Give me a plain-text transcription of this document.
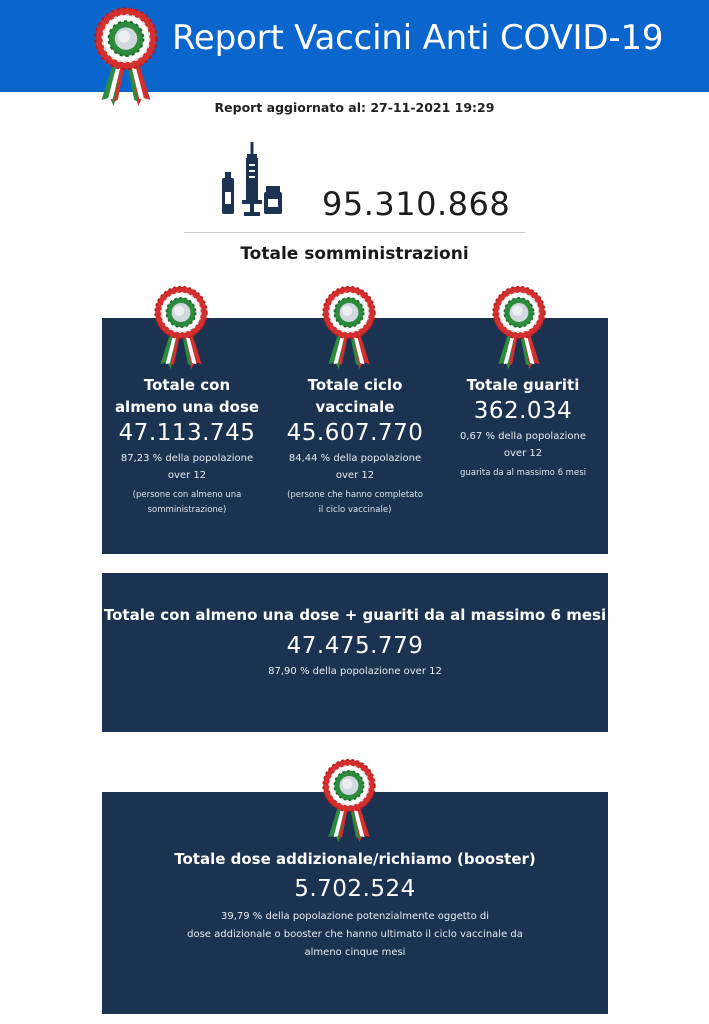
Report Vaccini Anti COVID-19
Report aggiornato al: 27-11-2021 19:29
95.310.868
Totale somministrazioni
Totale con
almeno una dose
47.113.745
87,23 % della popolazione
over 12
(persone con almeno una
somministrazione)
Totale ciclo
vaccinale
45.607.770
84,44 % della popolazione
over 12
(persone che hanno completato
il ciclo vaccinale)
Totale guariti
362.034
0,67 % della popolazione
over 12
guarita da al massimo 6 mesi
Totale con almeno una dose + guariti da al massimo 6 mesi
47.475.779
87,90 % della popolazione over 12
Totale dose addizionale/richiamo (booster)
5.702.524
39,79 % della popolazione potenzialmente oggetto di
dose addizionale o booster che hanno ultimato il ciclo vaccinale da
almeno cinque mesi
